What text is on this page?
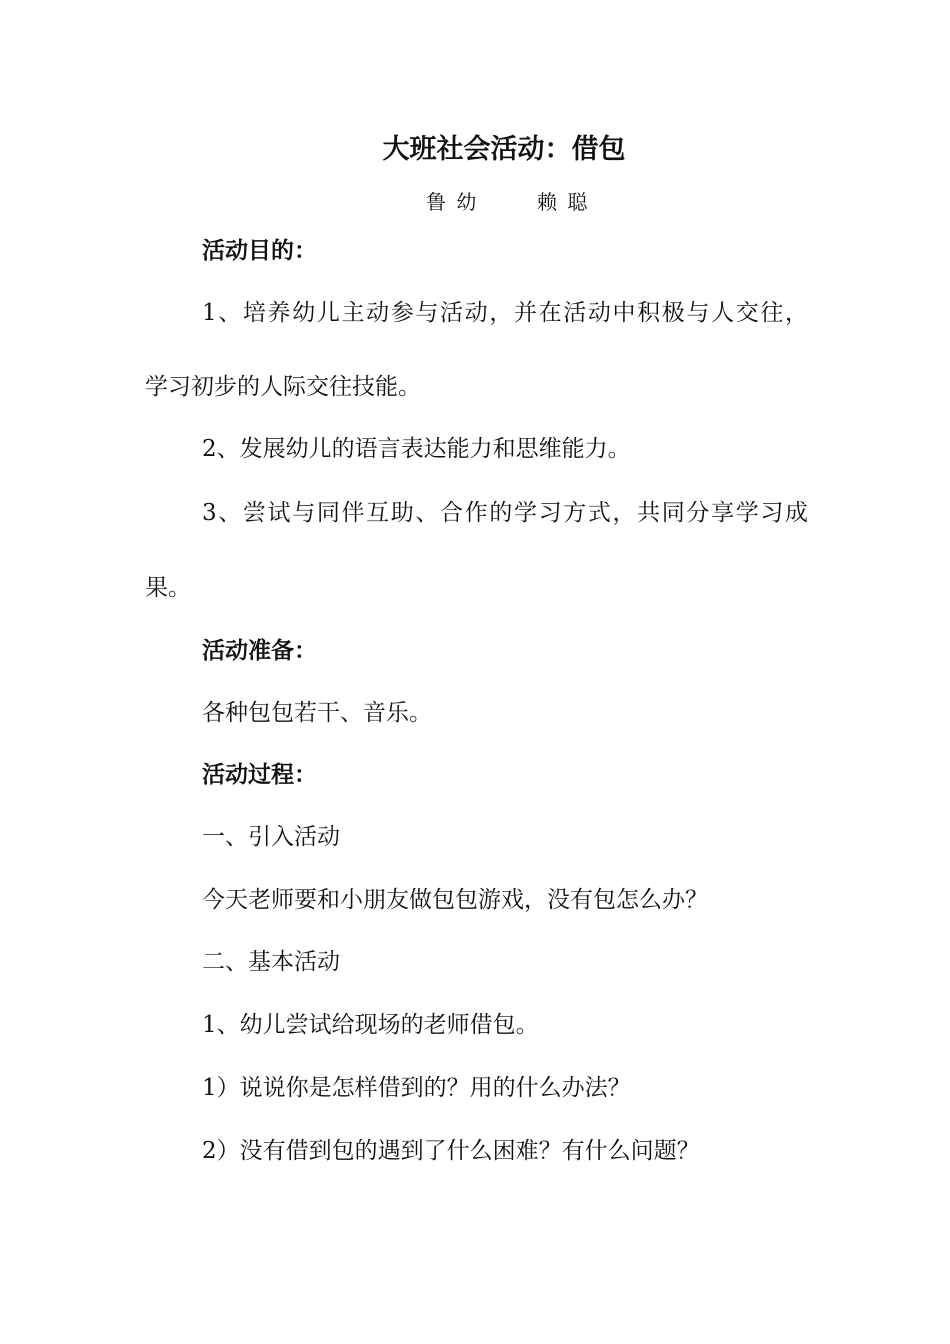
大班社会活动：借包
鲁 幼	赖 聪
活动目的：
1、培养幼儿主动参与活动，并在活动中积极与人交往，
学习初步的人际交往技能。
2、发展幼儿的语言表达能力和思维能力。
3、尝试与同伴互助、合作的学习方式，共同分享学习成
果。
活动准备：
各种包包若干、音乐。
活动过程：
一、引入活动
今天老师要和小朋友做包包游戏，没有包怎么办？
二、基本活动
1、幼儿尝试给现场的老师借包。
1）说说你是怎样借到的？用的什么办法？
2）没有借到包的遇到了什么困难？有什么问题？
